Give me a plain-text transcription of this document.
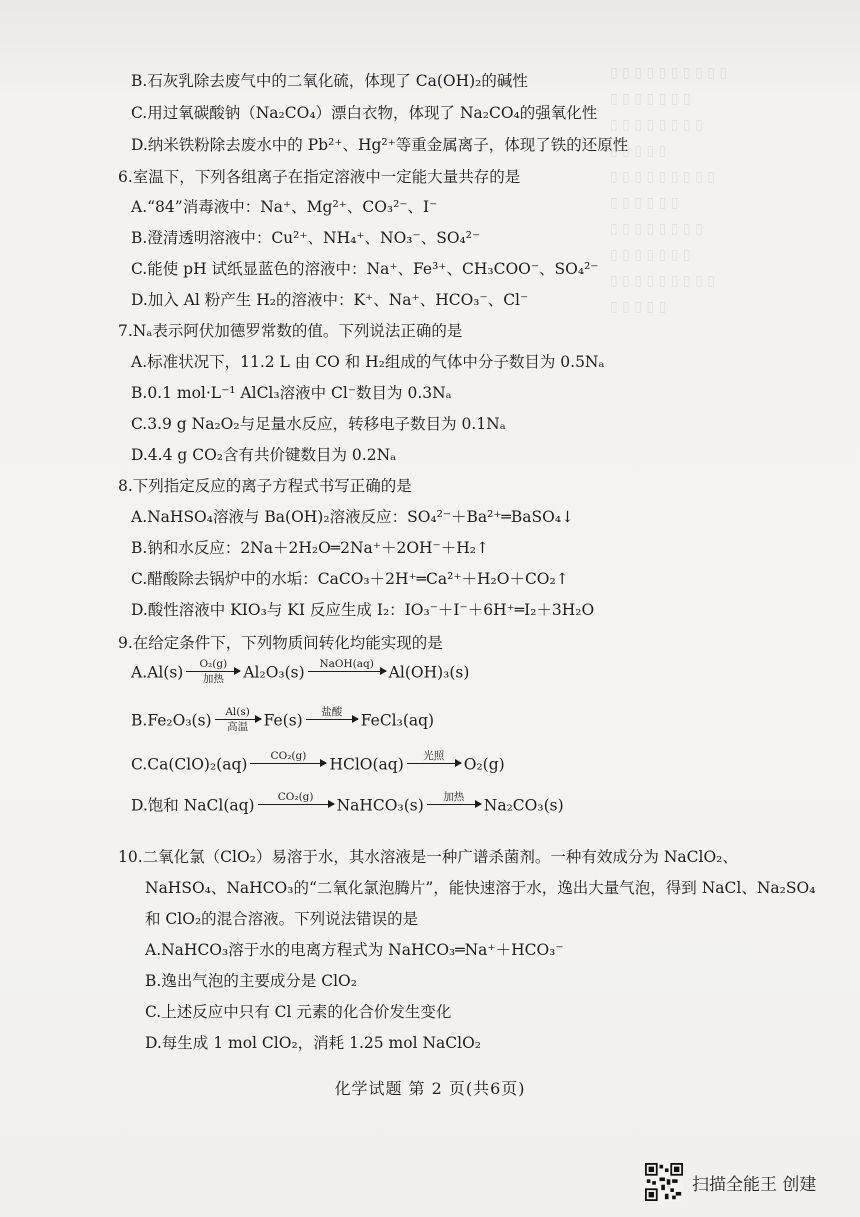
▯ ▯ ▯ ▯ ▯ ▯ ▯ ▯ ▯ ▯
▯ ▯ ▯ ▯ ▯ ▯ ▯
▯ ▯ ▯ ▯ ▯ ▯ ▯ ▯
▯ ▯ ▯ ▯ ▯
▯ ▯ ▯ ▯ ▯ ▯ ▯ ▯ ▯
▯ ▯ ▯ ▯ ▯ ▯
▯ ▯ ▯ ▯ ▯ ▯ ▯ ▯
▯ ▯ ▯ ▯ ▯ ▯ ▯
▯ ▯ ▯ ▯ ▯ ▯ ▯ ▯ ▯
▯ ▯ ▯ ▯ ▯
B.石灰乳除去废气中的二氧化硫，体现了 Ca(OH)₂的碱性
C.用过氧碳酸钠（Na₂CO₄）漂白衣物，体现了 Na₂CO₄的强氧化性
D.纳米铁粉除去废水中的 Pb²⁺、Hg²⁺等重金属离子，体现了铁的还原性
6.室温下，下列各组离子在指定溶液中一定能大量共存的是
A.“84”消毒液中：Na⁺、Mg²⁺、CO₃²⁻、I⁻
B.澄清透明溶液中：Cu²⁺、NH₄⁺、NO₃⁻、SO₄²⁻
C.能使 pH 试纸显蓝色的溶液中：Na⁺、Fe³⁺、CH₃COO⁻、SO₄²⁻
D.加入 Al 粉产生 H₂的溶液中：K⁺、Na⁺、HCO₃⁻、Cl⁻
7.Nₐ表示阿伏加德罗常数的值。下列说法正确的是
A.标准状况下，11.2 L 由 CO 和 H₂组成的气体中分子数目为 0.5Nₐ
B.0.1 mol·L⁻¹ AlCl₃溶液中 Cl⁻数目为 0.3Nₐ
C.3.9 g Na₂O₂与足量水反应，转移电子数目为 0.1Nₐ
D.4.4 g CO₂含有共价键数目为 0.2Nₐ
8.下列指定反应的离子方程式书写正确的是
A.NaHSO₄溶液与 Ba(OH)₂溶液反应：SO₄²⁻＋Ba²⁺═BaSO₄↓
B.钠和水反应：2Na＋2H₂O═2Na⁺＋2OH⁻＋H₂↑
C.醋酸除去锅炉中的水垢：CaCO₃＋2H⁺═Ca²⁺＋H₂O＋CO₂↑
D.酸性溶液中 KIO₃与 KI 反应生成 I₂：IO₃⁻＋I⁻＋6H⁺═I₂＋3H₂O
9.在给定条件下，下列物质间转化均能实现的是
10.二氧化氯（ClO₂）易溶于水，其水溶液是一种广谱杀菌剂。一种有效成分为 NaClO₂、
NaHSO₄、NaHCO₃的“二氧化氯泡腾片”，能快速溶于水，逸出大量气泡，得到 NaCl、Na₂SO₄
和 ClO₂的混合溶液。下列说法错误的是
A.NaHCO₃溶于水的电离方程式为 NaHCO₃═Na⁺＋HCO₃⁻
B.逸出气泡的主要成分是 ClO₂
C.上述反应中只有 Cl 元素的化合价发生变化
D.每生成 1 mol ClO₂，消耗 1.25 mol NaClO₂
A.Al(s) O₂(g)
加热 Al₂O₃(s) NaOH(aq) Al(OH)₃(s)
B.Fe₂O₃(s) Al(s)
高温 Fe(s) 盐酸 FeCl₃(aq)
C.Ca(ClO)₂(aq) CO₂(g) HClO(aq) 光照 O₂(g)
D.饱和 NaCl(aq) CO₂(g) NaHCO₃(s) 加热 Na₂CO₃(s)
化学试题 第 2 页(共6页)
扫描全能王 创建
